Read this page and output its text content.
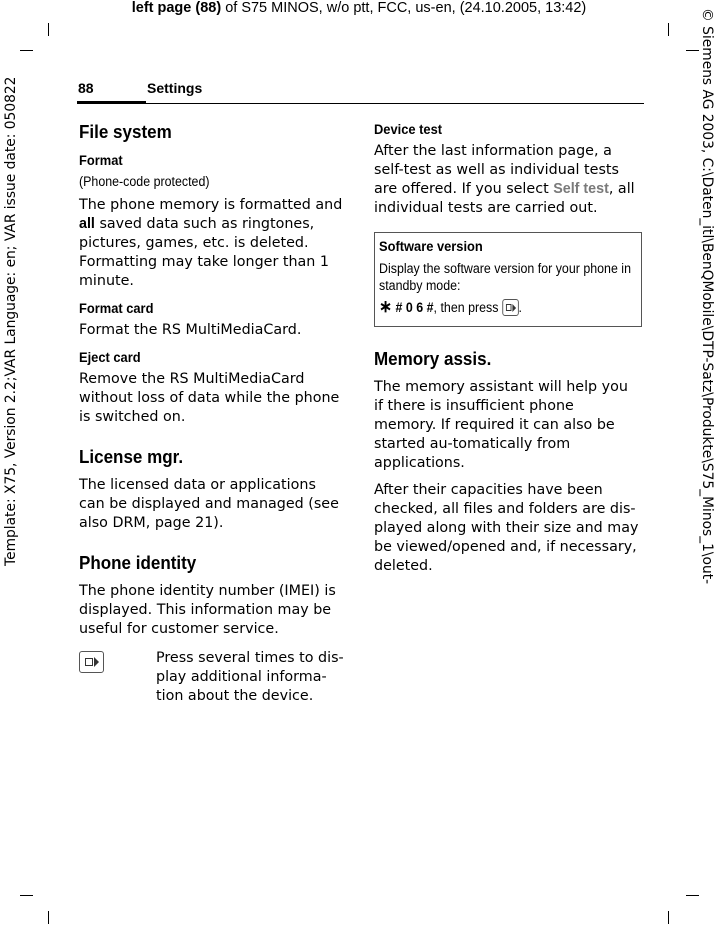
left page (88) of S75 MINOS, w/o ptt, FCC, us-en, (24.10.2005, 13:42)
Template: X75, Version 2.2;VAR Language: en; VAR issue date: 050822	© Siemens AG 2003, C:\Daten_itl\BenQMobile\DTP-Satz\Produkte\S75_Minos_1\out-
88	Settings
File system
Format
(Phone-code protected)

The phone memory is formatted and all saved data such as ringtones, pictures, games, etc. is deleted. Formatting may take longer than 1 minute.

Format card

Format the RS MultiMediaCard.

Eject card

Remove the RS MultiMediaCard without loss of data while the phone is switched on.

License mgr.

The licensed data or applications can be displayed and managed (see also DRM, page 21).

Phone identity

The phone identity number (IMEI) is displayed. This information may be useful for customer service.

Press several times to dis-play additional informa-tion about the device.
Device test

After the last information page, a self-test as well as individual tests are offered. If you select Self test, all individual tests are carried out.

Software version
Display the software version for your phone in standby mode:
∗ # 0 6 #, then press .
Memory assis.

The memory assistant will help you if there is insufficient phone memory. If required it can also be started au-tomatically from applications.

After their capacities have been checked, all files and folders are dis-played along with their size and may be viewed/opened and, if necessary, deleted.
